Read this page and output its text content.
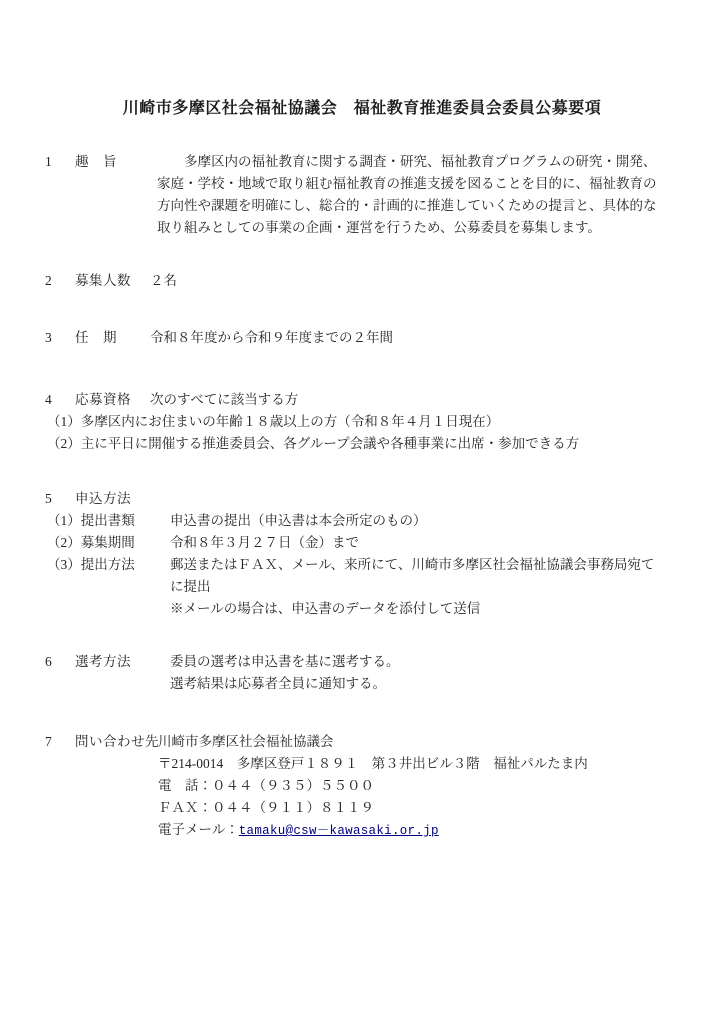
川崎市多摩区社会福祉協議会　福祉教育推進委員会委員公募要項
1 趣　旨	多摩区内の福祉教育に関する調査・研究、福祉教育プログラムの研究・開発、家庭・学校・地域で取り組む福祉教育の推進支援を図ることを目的に、福祉教育の方向性や課題を明確にし、総合的・計画的に推進していくための提言と、具体的な取り組みとしての事業の企画・運営を行うため、公募委員を募集します。
2 募集人数 ２名
3 任　期 令和８年度から令和９年度までの２年間
4 応募資格 次のすべてに該当する方
（1）多摩区内にお住まいの年齢１８歳以上の方（令和８年４月１日現在）
（2）主に平日に開催する推進委員会、各グループ会議や各種事業に出席・参加できる方
5 申込方法
（1）提出書類	申込書の提出（申込書は本会所定のもの）
（2）募集期間	令和８年３月２７日（金）まで
（3）提出方法	郵送またはＦＡＸ、メール、来所にて、川崎市多摩区社会福祉協議会事務局宛て
に提出
※メールの場合は、申込書のデータを添付して送信
6 選考方法	委員の選考は申込書を基に選考する。
選考結果は応募者全員に通知する。
7 問い合わせ先 川崎市多摩区社会福祉協議会
〒214-0014　多摩区登戸１８９１　第３井出ビル３階　福祉パルたま内
電　話：０４４（９３５）５５００
ＦＡＸ：０４４（９１１）８１１９
電子メール：tamaku@csw－kawasaki.or.jp
